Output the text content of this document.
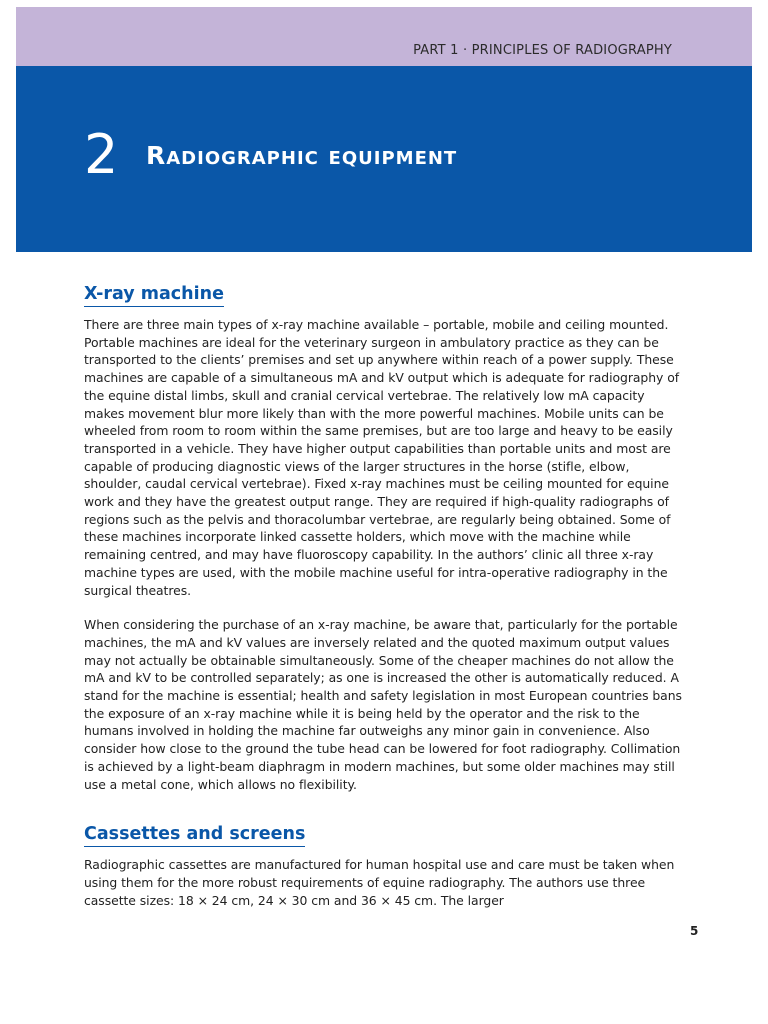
PART 1 · PRINCIPLES OF RADIOGRAPHY
2 Radiographic equipment
X-ray machine

There are three main types of x-ray machine available – portable, mobile and ceiling mounted. Portable machines are ideal for the veterinary surgeon in ambulatory practice as they can be transported to the clients’ premises and set up anywhere within reach of a power supply. These machines are capable of a simultaneous mA and kV output which is adequate for radiography of the equine distal limbs, skull and cranial cervical vertebrae. The relatively low mA capacity makes movement blur more likely than with the more powerful machines. Mobile units can be wheeled from room to room within the same premises, but are too large and heavy to be easily transported in a vehicle. They have higher output capabilities than portable units and most are capable of producing diagnostic views of the larger structures in the horse (stifle, elbow, shoulder, caudal cervical vertebrae). Fixed x-ray machines must be ceiling mounted for equine work and they have the greatest output range. They are required if high-quality radiographs of regions such as the pelvis and thoracolumbar vertebrae, are regularly being obtained. Some of these machines incorporate linked cassette holders, which move with the machine while remaining centred, and may have fluoroscopy capability. In the authors’ clinic all three x-ray machine types are used, with the mobile machine useful for intra-operative radiography in the surgical theatres.

When considering the purchase of an x-ray machine, be aware that, particularly for the portable machines, the mA and kV values are inversely related and the quoted maximum output values may not actually be obtainable simultaneously. Some of the cheaper machines do not allow the mA and kV to be controlled separately; as one is increased the other is automatically reduced. A stand for the machine is essential; health and safety legislation in most European countries bans the exposure of an x-ray machine while it is being held by the operator and the risk to the humans involved in holding the machine far outweighs any minor gain in convenience. Also consider how close to the ground the tube head can be lowered for foot radiography. Collimation is achieved by a light-beam diaphragm in modern machines, but some older machines may still use a metal cone, which allows no flexibility.

Cassettes and screens

Radiographic cassettes are manufactured for human hospital use and care must be taken when using them for the more robust requirements of equine radiography. The authors use three cassette sizes: 18 × 24 cm, 24 × 30 cm and 36 × 45 cm. The larger

5
